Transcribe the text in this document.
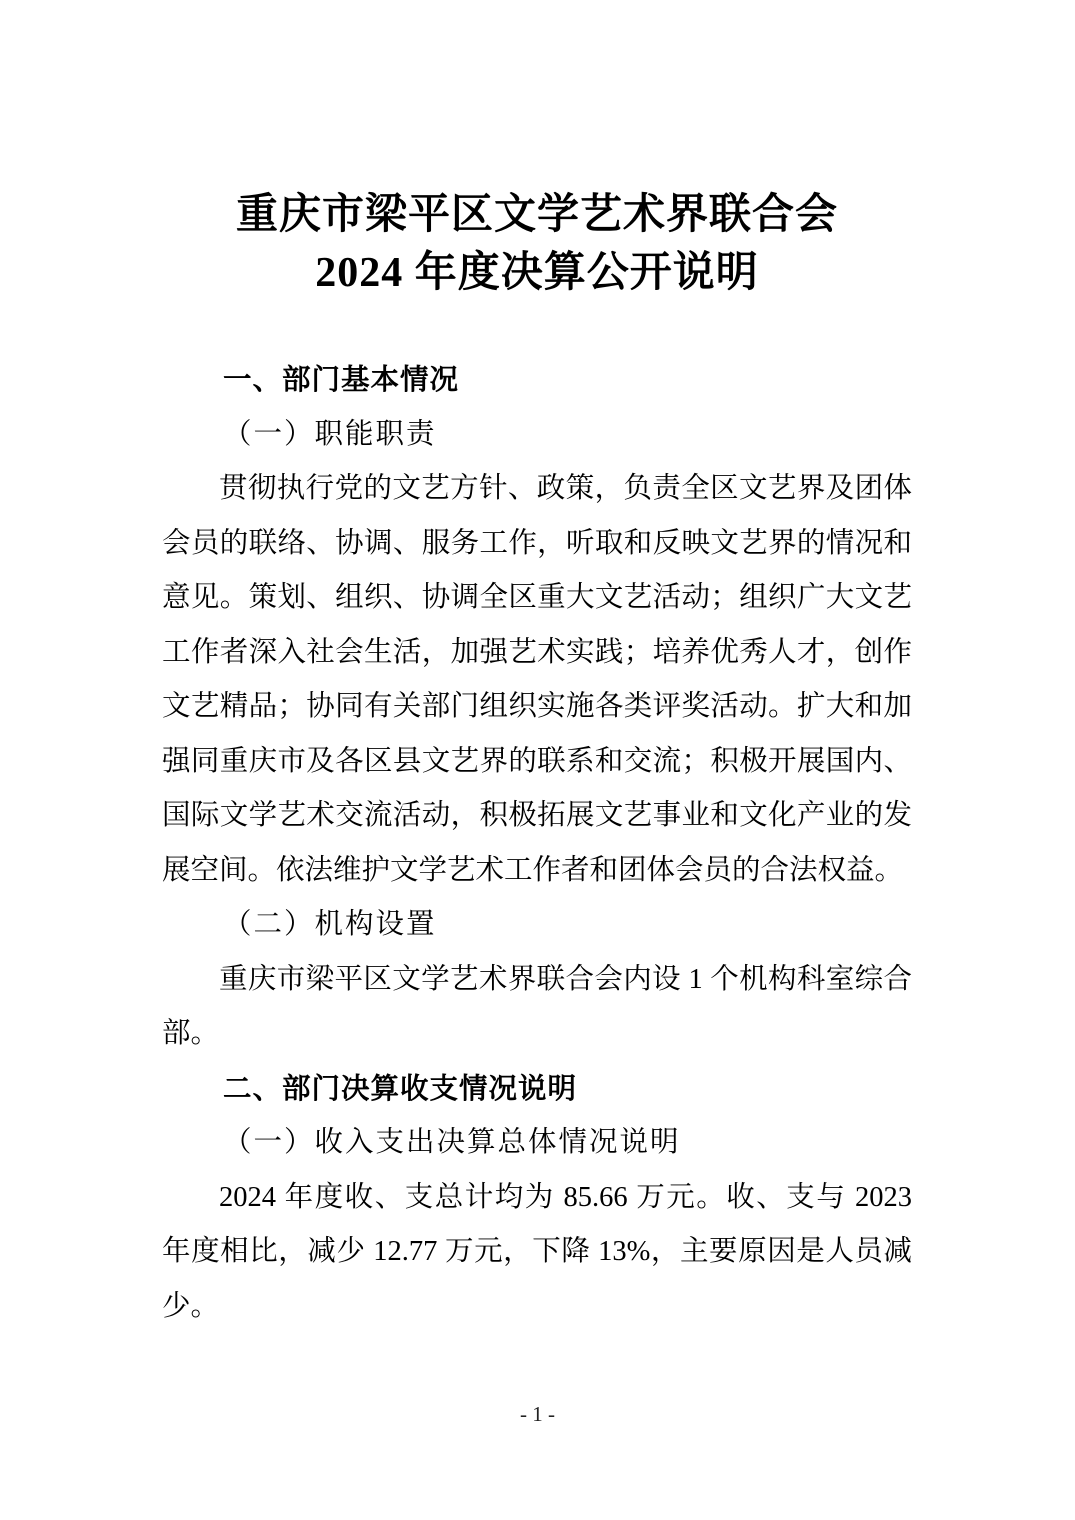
重庆市梁平区文学艺术界联合会
2024 年度决算公开说明
一、部门基本情况
（一）职能职责

贯彻执行党的文艺方针、政策，负责全区文艺界及团体会员的联络、协调、服务工作，听取和反映文艺界的情况和意见。策划、组织、协调全区重大文艺活动；组织广大文艺工作者深入社会生活，加强艺术实践；培养优秀人才，创作文艺精品；协同有关部门组织实施各类评奖活动。扩大和加强同重庆市及各区县文艺界的联系和交流；积极开展国内、国际文学艺术交流活动，积极拓展文艺事业和文化产业的发展空间。依法维护文学艺术工作者和团体会员的合法权益。

（二）机构设置

重庆市梁平区文学艺术界联合会内设 1 个机构科室综合部。

二、部门决算收支情况说明
（一）收入支出决算总体情况说明

2024 年度收、支总计均为 85.66 万元。收、支与 2023 年度相比，减少 12.77 万元，下降 13%，主要原因是人员减少。

- 1 -
